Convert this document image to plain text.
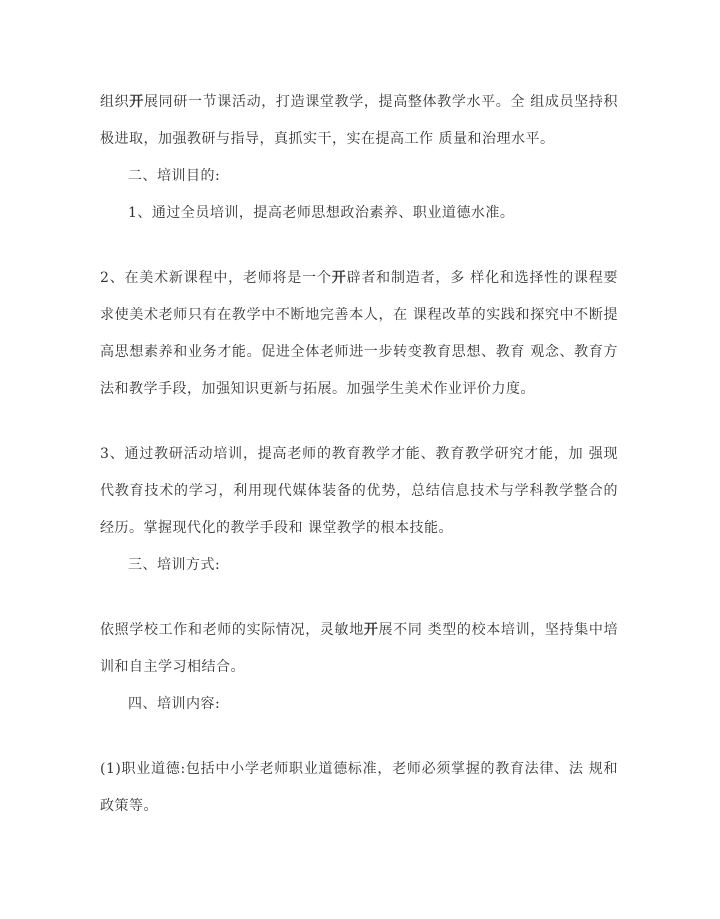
组织开展同研一节课活动，打造课堂教学，提高整体教学水平。全 组成员坚持积极进取，加强教研与指导，真抓实干，实在提高工作 质量和治理水平。

二、培训目的:

1、通过全员培训，提高老师思想政治素养、职业道德水准。

2、在美术新课程中，老师将是一个开辟者和制造者，多 样化和选择性的课程要求使美术老师只有在教学中不断地完善本人，在 课程改革的实践和探究中不断提高思想素养和业务才能。促进全体老师进一步转变教育思想、教育 观念、教育方法和教学手段，加强知识更新与拓展。加强学生美术作业评价力度。

3、通过教研活动培训，提高老师的教育教学才能、教育教学研究才能，加 强现代教育技术的学习，利用现代媒体装备的优势，总结信息技术与学科教学整合的经历。掌握现代化的教学手段和 课堂教学的根本技能。

三、培训方式:

依照学校工作和老师的实际情况，灵敏地开展不同 类型的校本培训，坚持集中培训和自主学习相结合。

四、培训内容:

(1)职业道德:包括中小学老师职业道德标准，老师必须掌握的教育法律、法 规和政策等。
